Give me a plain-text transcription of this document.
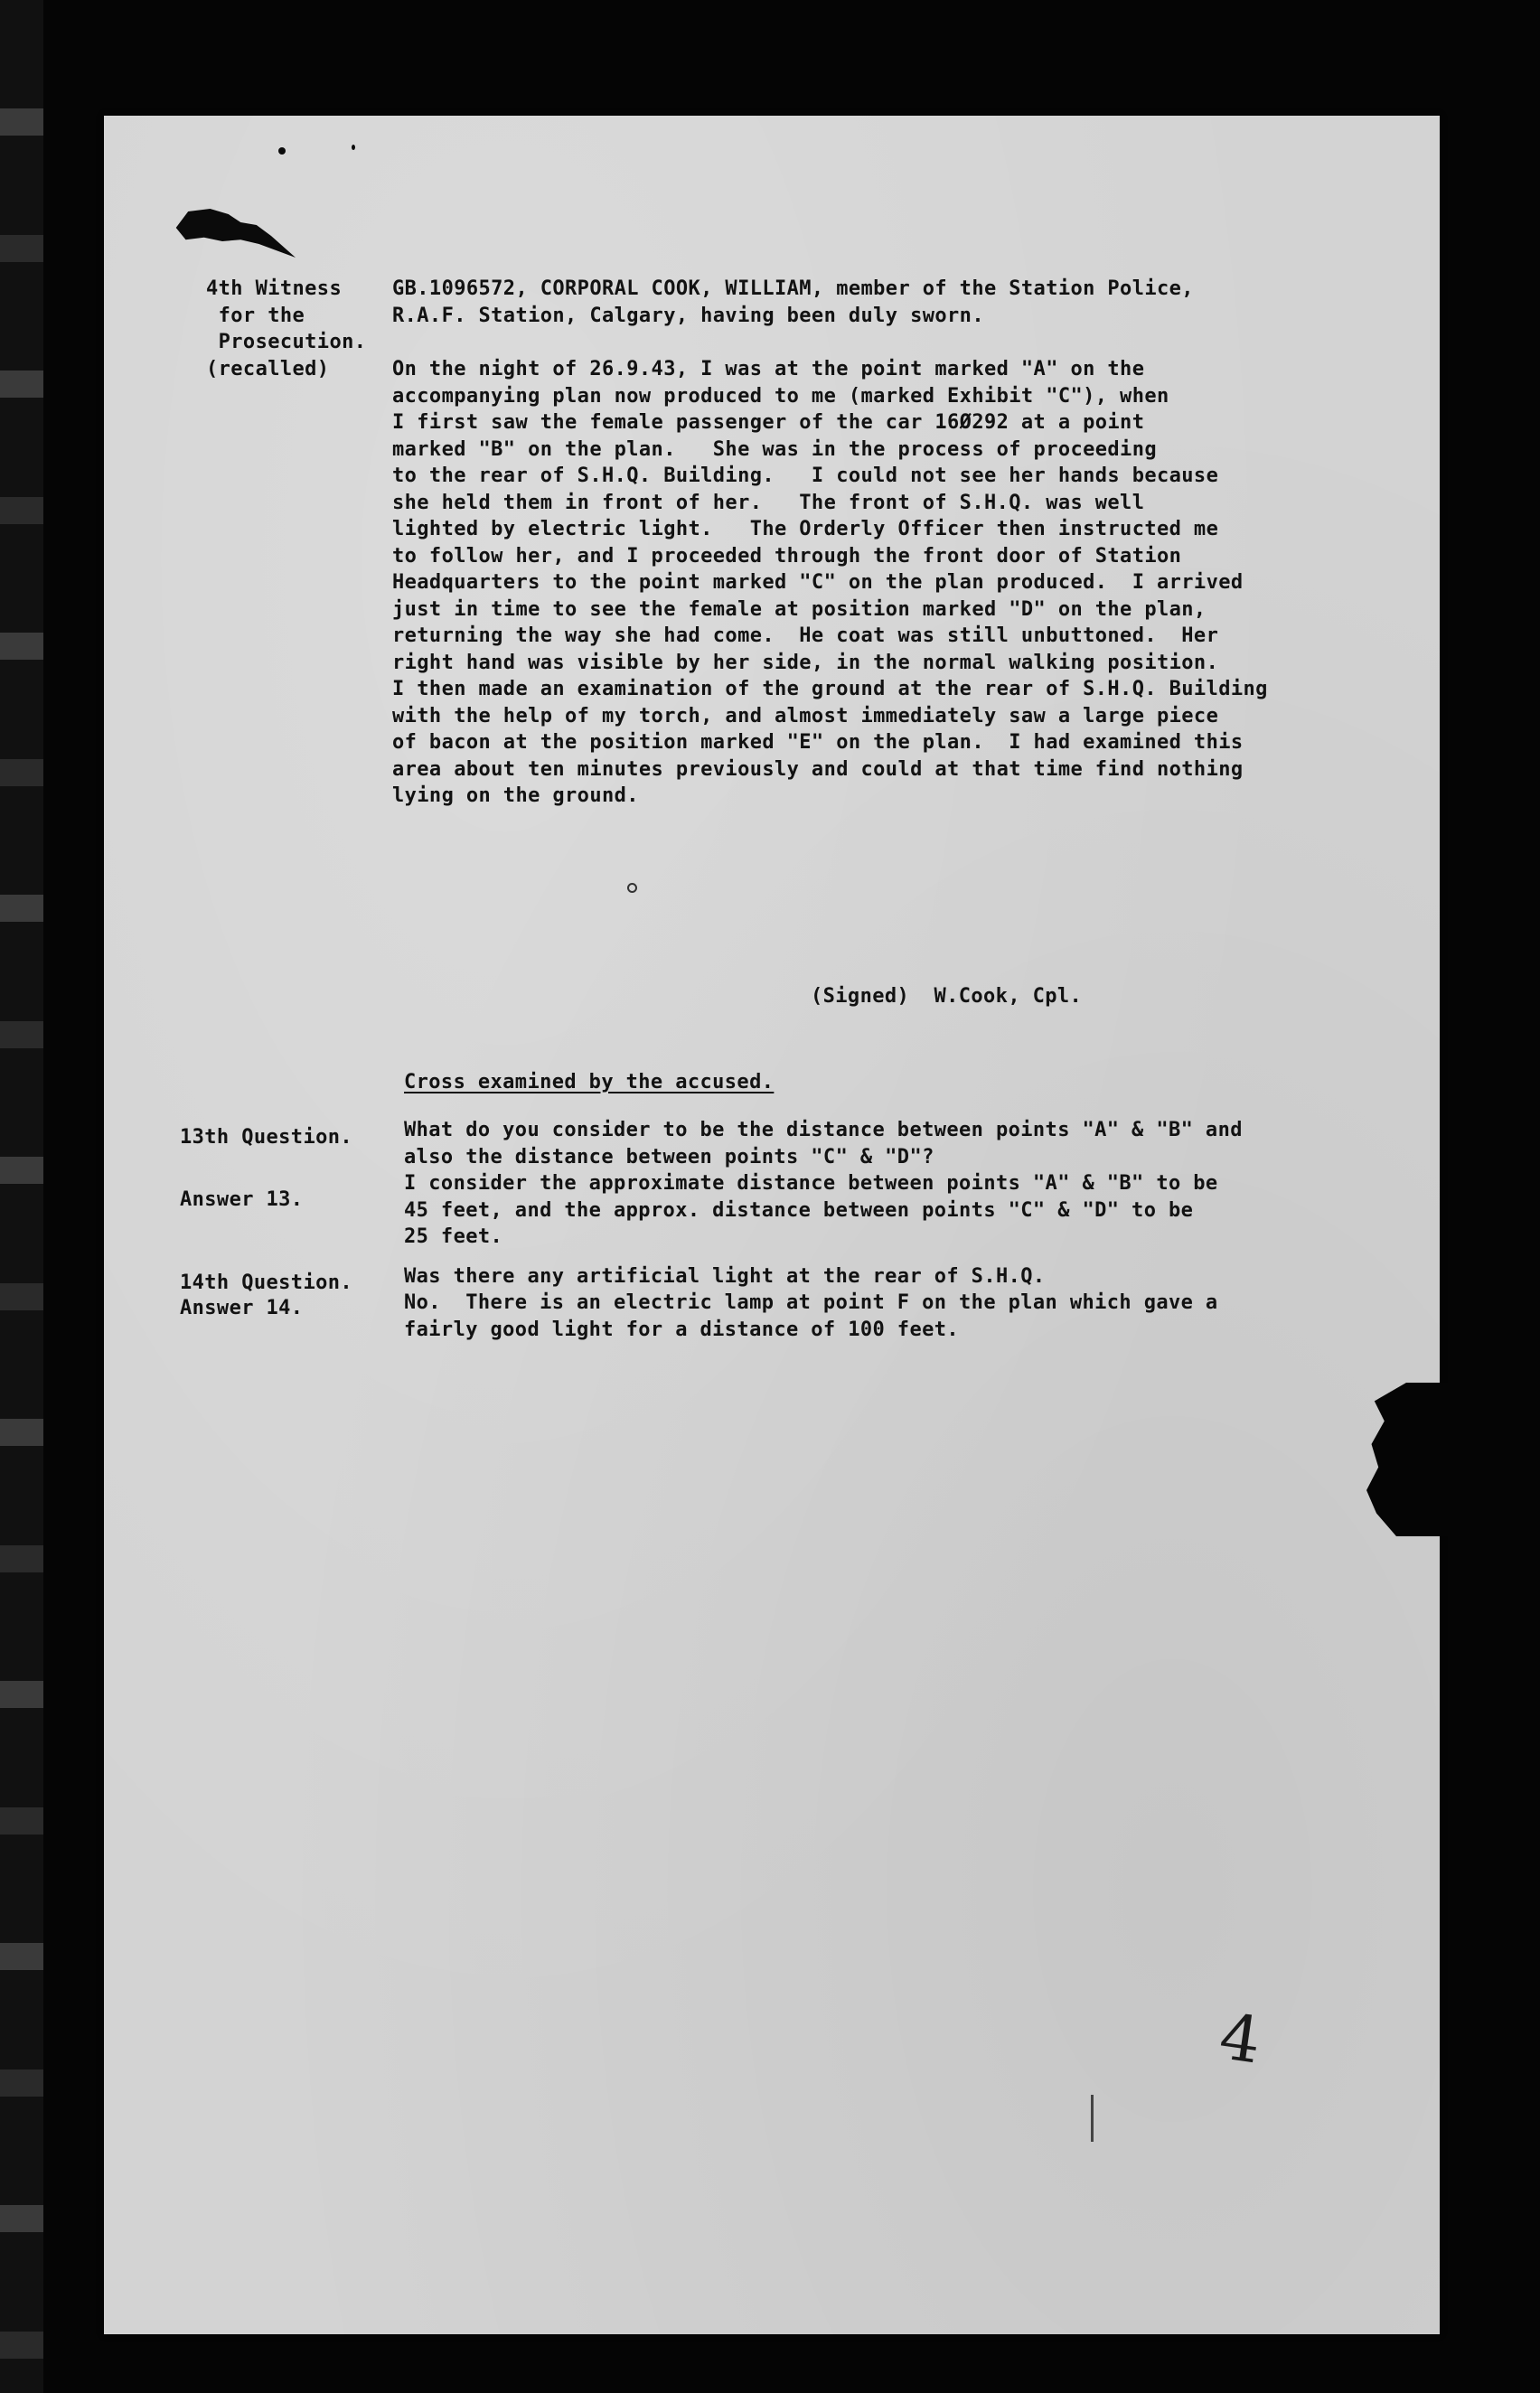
4th Witness
for the
Prosecution.
(recalled)
GB.1096572, CORPORAL COOK, WILLIAM, member of the Station Police,
R.A.F. Station, Calgary, having been duly sworn.
On the night of 26.9.43, I was at the point marked "A" on the
accompanying plan now produced to me (marked Exhibit "C"), when
I first saw the female passenger of the car 16Ø292 at a point
marked "B" on the plan.   She was in the process of proceeding
to the rear of S.H.Q. Building.   I could not see her hands because
she held them in front of her.   The front of S.H.Q. was well
lighted by electric light.   The Orderly Officer then instructed me
to follow her, and I proceeded through the front door of Station
Headquarters to the point marked "C" on the plan produced.  I arrived
just in time to see the female at position marked "D" on the plan,
returning the way she had come.  He coat was still unbuttoned.  Her
right hand was visible by her side, in the normal walking position.
I then made an examination of the ground at the rear of S.H.Q. Building
with the help of my torch, and almost immediately saw a large piece
of bacon at the position marked "E" on the plan.  I had examined this
area about ten minutes previously and could at that time find nothing
lying on the ground.
(Signed)  W.Cook, Cpl.
Cross examined by the accused.
13th Question.	What do you consider to be the distance between points "A" & "B" and
also the distance between points "C" & "D"?
Answer 13.
I consider the approximate distance between points "A" & "B" to be
45 feet, and the approx. distance between points "C" & "D" to be
25 feet.
14th Question.	Was there any artificial light at the rear of S.H.Q.
Answer 14.	No.  There is an electric lamp at point F on the plan which gave a
fairly good light for a distance of 100 feet.
4
